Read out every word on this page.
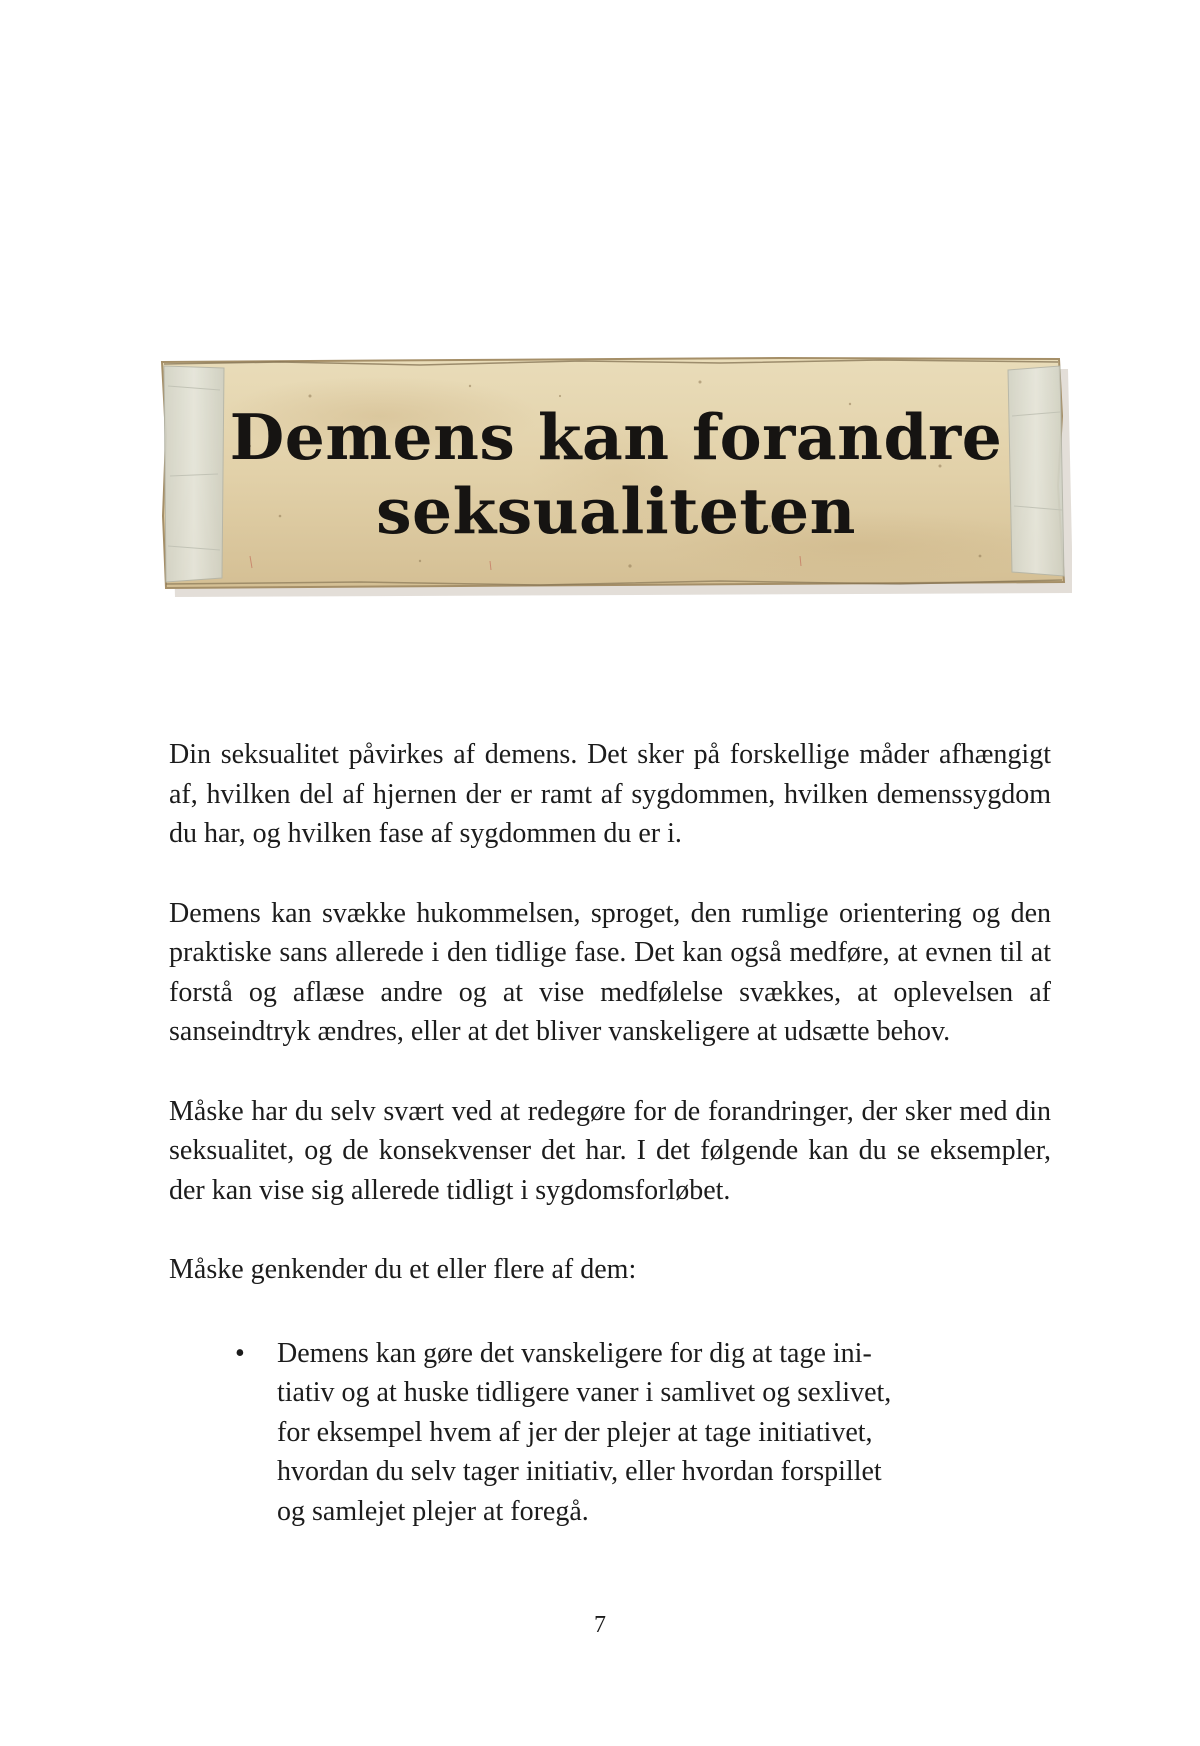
Demens kan forandre
seksualiteten

Din seksualitet påvirkes af demens. Det sker på forskellige måder afhængigt af, hvilken del af hjernen der er ramt af sygdommen, hvilken demenssygdom du har, og hvilken fase af sygdommen du er i.

Demens kan svække hukommelsen, sproget, den rumlige orientering og den praktiske sans allerede i den tidlige fase. Det kan også medføre, at evnen til at forstå og aflæse andre og at vise medfølelse svækkes, at oplevelsen af sanseindtryk ændres, eller at det bliver vanskeligere at udsætte behov.

Måske har du selv svært ved at redegøre for de forandringer, der sker med din seksualitet, og de konsekvenser det har. I det følgende kan du se eksempler, der kan vise sig allerede tidligt i sygdomsforløbet.

Måske genkender du et eller flere af dem:

• Demens kan gøre det vanskeligere for dig at tage ini-
tiativ og at huske tidligere vaner i samlivet og sexlivet,
for eksempel hvem af jer der plejer at tage initiativet,
hvordan du selv tager initiativ, eller hvordan forspillet
og samlejet plejer at foregå.
7
